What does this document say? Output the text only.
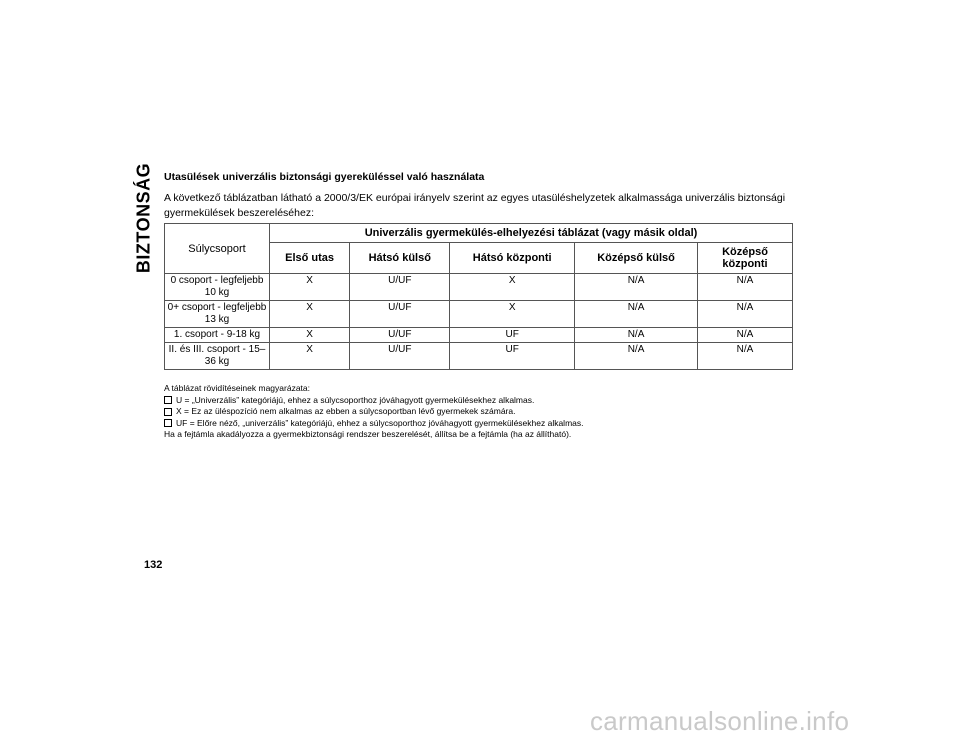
BIZTONSÁG Utasülések univerzális biztonsági gyereküléssel való használata
A következő táblázatban látható a 2000/3/EK európai irányelv szerint az egyes utasüléshelyzetek alkalmassága univerzális biztonsági gyermekülések beszereléséhez:
Súlycsoport	Univerzális gyermekülés-elhelyezési táblázat (vagy másik oldal)				
	Első utas	Hátsó külső	Hátsó központi	Középső külső	Középső központi
0 csoport - legfeljebb 10 kg	X	U/UF	X	N/A	N/A
0+ csoport - legfeljebb 13 kg	X	U/UF	X	N/A	N/A
1. csoport - 9-18 kg	X	U/UF	UF	N/A	N/A
II. és III. csoport - 15–36 kg	X	U/UF	UF	N/A	N/A
A táblázat rövidítéseinek magyarázata:
U = „Univerzális” kategóriájú, ehhez a súlycsoporthoz jóváhagyott gyermekülésekhez alkalmas.
X = Ez az üléspozíció nem alkalmas az ebben a súlycsoportban lévő gyermekek számára.
UF = Előre néző, „univerzális” kategóriájú, ehhez a súlycsoporthoz jóváhagyott gyermekülésekhez alkalmas.
Ha a fejtámla akadályozza a gyermekbiztonsági rendszer beszerelését, állítsa be a fejtámla (ha az állítható).
132
carmanualsonline.info
